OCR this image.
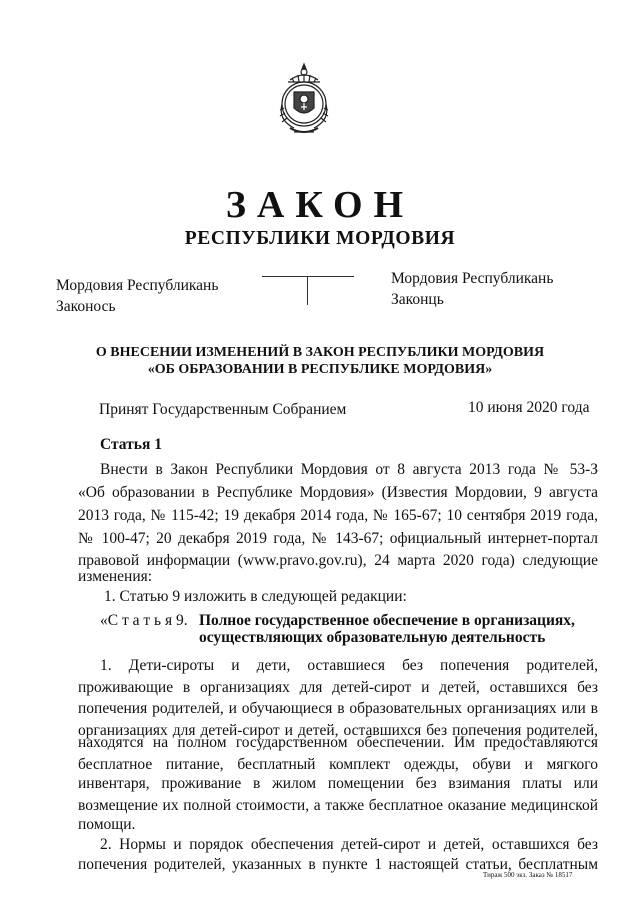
ЗАКОН
РЕСПУБЛИКИ МОРДОВИЯ
Мордовия Республикань
Законось
Мордовия Республикань
Законць
О ВНЕСЕНИИ ИЗМЕНЕНИЙ В ЗАКОН РЕСПУБЛИКИ МОРДОВИЯ
«ОБ ОБРАЗОВАНИИ В РЕСПУБЛИКЕ МОРДОВИЯ»
Принят Государственным Собранием	10 июня 2020 года
Статья 1
Внести в Закон Республики Мордовия от 8 августа 2013 года № 53-З
«Об образовании в Республике Мордовия» (Известия Мордовии, 9 августа
2013 года, № 115-42; 19 декабря 2014 года, № 165-67; 10 сентября 2019 года,
№ 100-47; 20 декабря 2019 года, № 143-67; официальный интернет-портал
правовой информации (www.pravo.gov.ru), 24 марта 2020 года) следующие
изменения:
1. Статью 9 изложить в следующей редакции:
«С т а т ь я 9. Полное государственное обеспечение в организациях,
осуществляющих образовательную деятельность
1. Дети-сироты и дети, оставшиеся без попечения родителей,
проживающие в организациях для детей-сирот и детей, оставшихся без
попечения родителей, и обучающиеся в образовательных организациях или в
организациях для детей-сирот и детей, оставшихся без попечения родителей,
находятся на полном государственном обеспечении. Им предоставляются
бесплатное питание, бесплатный комплект одежды, обуви и мягкого
инвентаря, проживание в жилом помещении без взимания платы или
возмещение их полной стоимости, а также бесплатное оказание медицинской
помощи.
2. Нормы и порядок обеспечения детей-сирот и детей, оставшихся без
попечения родителей, указанных в пункте 1 настоящей статьи, бесплатным
Тираж 500 экз. Заказ № 18517
